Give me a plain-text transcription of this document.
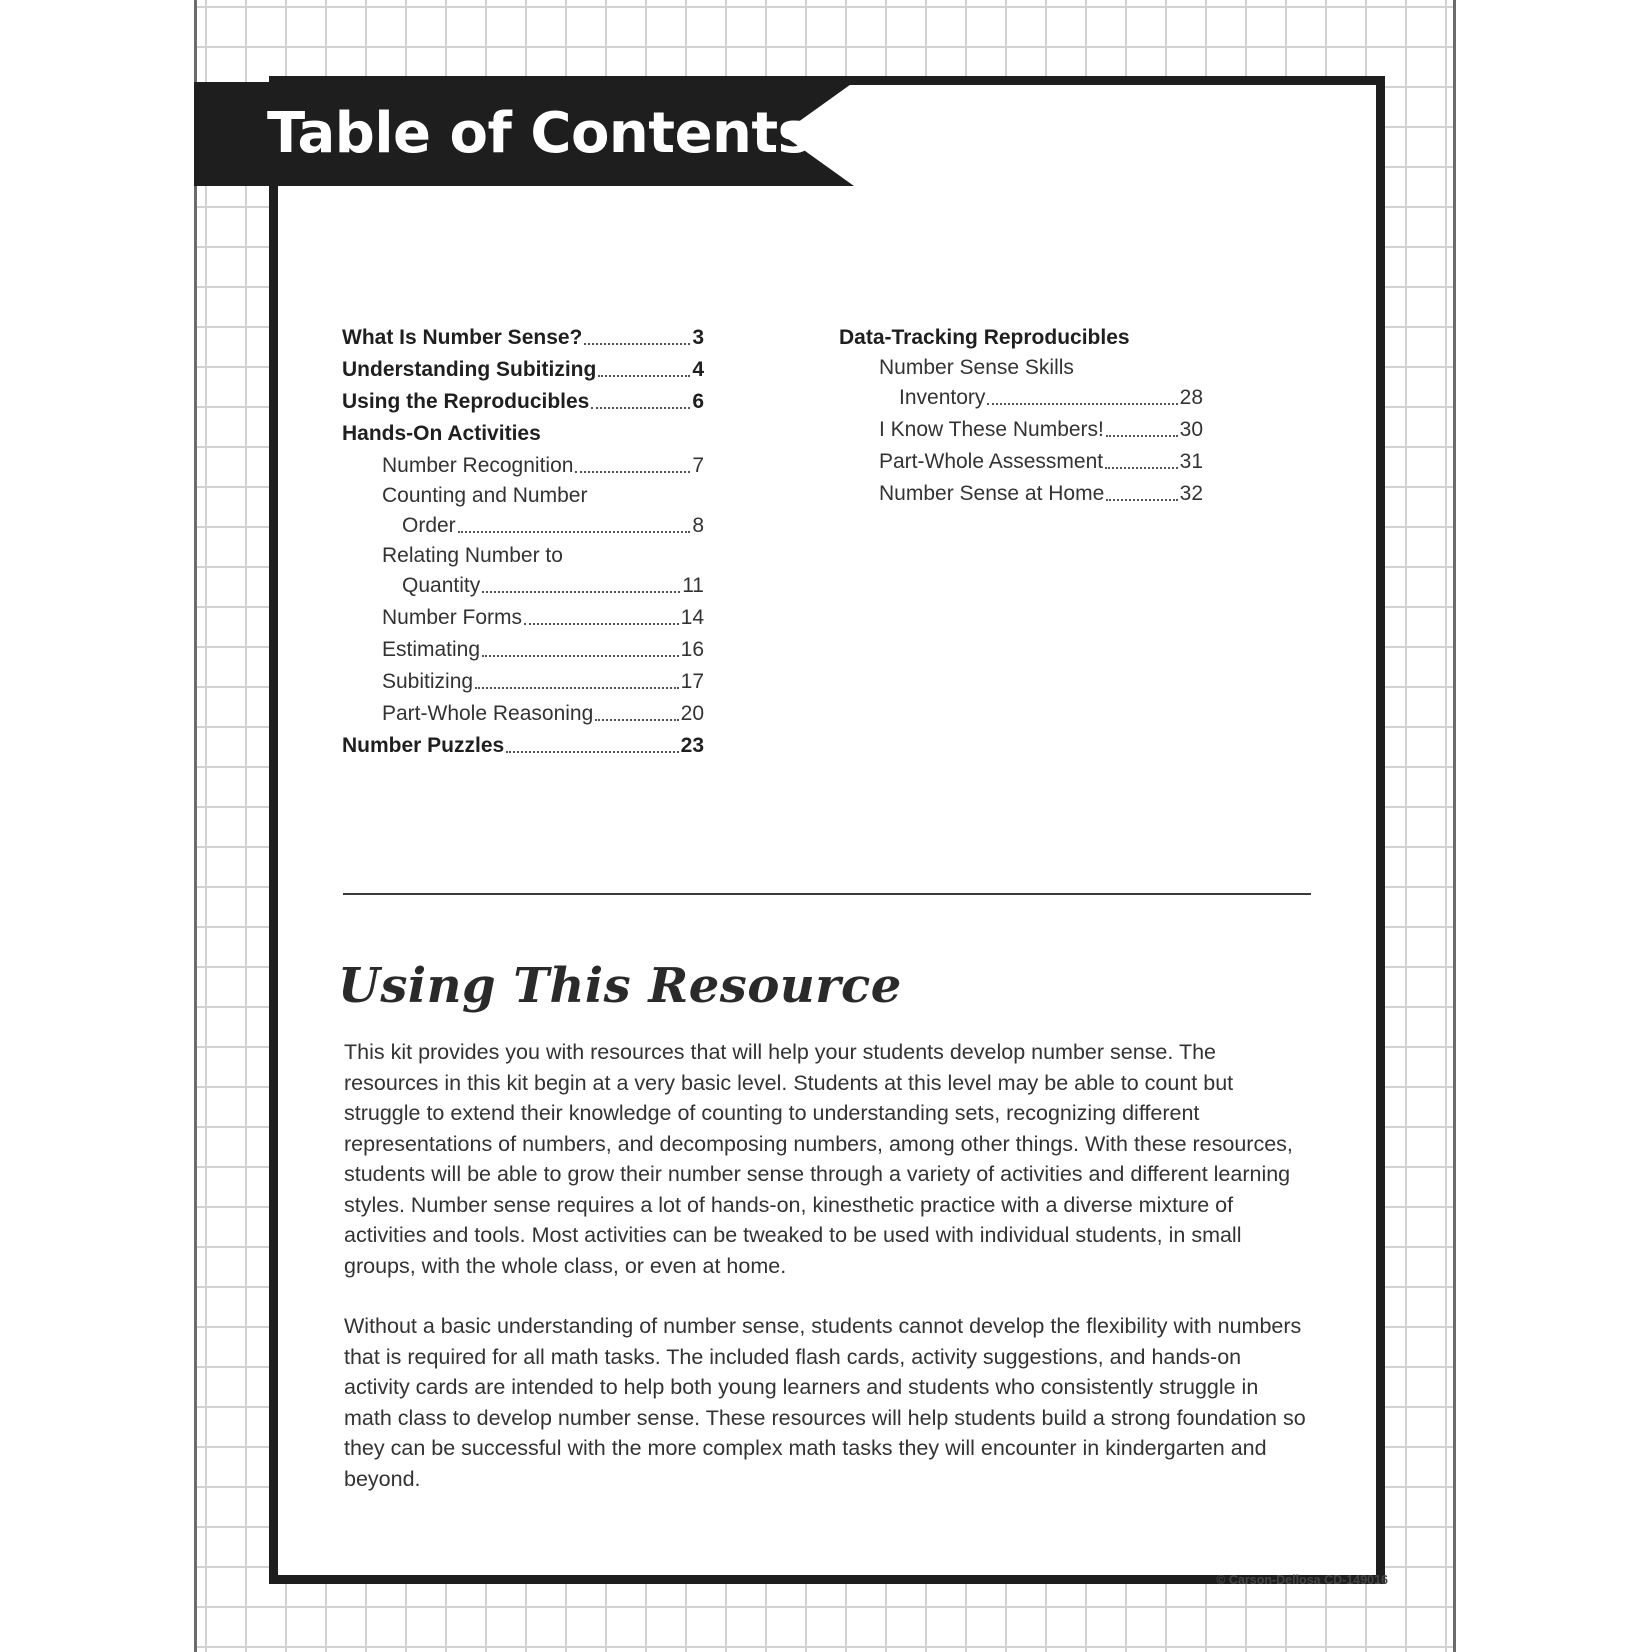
Table of Contents
What Is Number Sense?	3
Understanding Subitizing	4
Using the Reproducibles	6
Hands-On Activities
Number Recognition	7
Counting and Number
Order	8
Relating Number to
Quantity	11
Number Forms	14
Estimating	16
Subitizing	17
Part-Whole Reasoning	20
Number Puzzles	23
Data-Tracking Reproducibles
Number Sense Skills
Inventory	28
I Know These Numbers!	30
Part-Whole Assessment	31
Number Sense at Home	32
Using This Resource

This kit provides you with resources that will help your students develop number sense. The resources in this kit begin at a very basic level. Students at this level may be able to count but struggle to extend their knowledge of counting to understanding sets, recognizing different representations of numbers, and decomposing numbers, among other things. With these resources, students will be able to grow their number sense through a variety of activities and different learning styles. Number sense requires a lot of hands-on, kinesthetic practice with a diverse mixture of activities and tools. Most activities can be tweaked to be used with individual students, in small groups, with the whole class, or even at home.

Without a basic understanding of number sense, students cannot develop the flexibility with numbers that is required for all math tasks. The included flash cards, activity suggestions, and hands-on activity cards are intended to help both young learners and students who consistently struggle in math class to develop number sense. These resources will help students build a strong foundation so they can be successful with the more complex math tasks they will encounter in kindergarten and beyond.

© Carson-Dellosa CD-149016
